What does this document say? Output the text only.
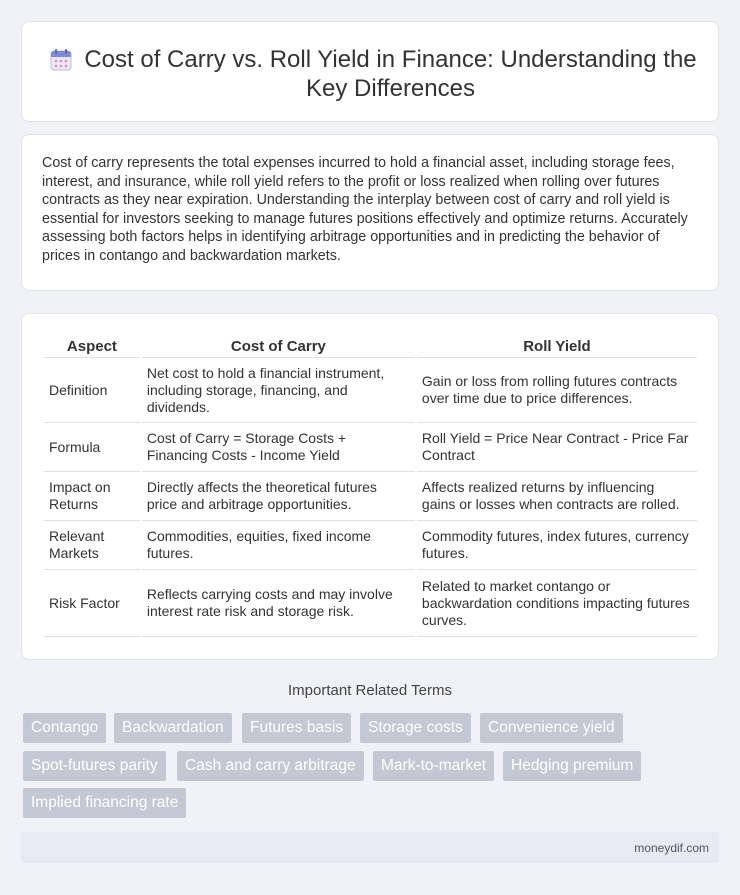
Cost of Carry vs. Roll Yield in Finance: Understanding the Key Differences

Cost of carry represents the total expenses incurred to hold a financial asset, including storage fees, interest, and insurance, while roll yield refers to the profit or loss realized when rolling over futures contracts as they near expiration. Understanding the interplay between cost of carry and roll yield is essential for investors seeking to manage futures positions effectively and optimize returns. Accurately assessing both factors helps in identifying arbitrage opportunities and in predicting the behavior of prices in contango and backwardation markets.

Aspect	Cost of Carry	Roll Yield
Definition	Net cost to hold a financial instrument, including storage, financing, and dividends.	Gain or loss from rolling futures contracts over time due to price differences.
Formula	Cost of Carry = Storage Costs + Financing Costs - Income Yield	Roll Yield = Price Near Contract - Price Far Contract
Impact on Returns	Directly affects the theoretical futures price and arbitrage opportunities.	Affects realized returns by influencing gains or losses when contracts are rolled.
Relevant Markets	Commodities, equities, fixed income futures.	Commodity futures, index futures, currency futures.
Risk Factor	Reflects carrying costs and may involve interest rate risk and storage risk.	Related to market contango or backwardation conditions impacting futures curves.
Important Related Terms
Contango	Backwardation	Futures basis	Storage costs	Convenience yield
Spot-futures parity	Cash and carry arbitrage	Mark-to-market	Hedging premium
Implied financing rate
moneydif.com
